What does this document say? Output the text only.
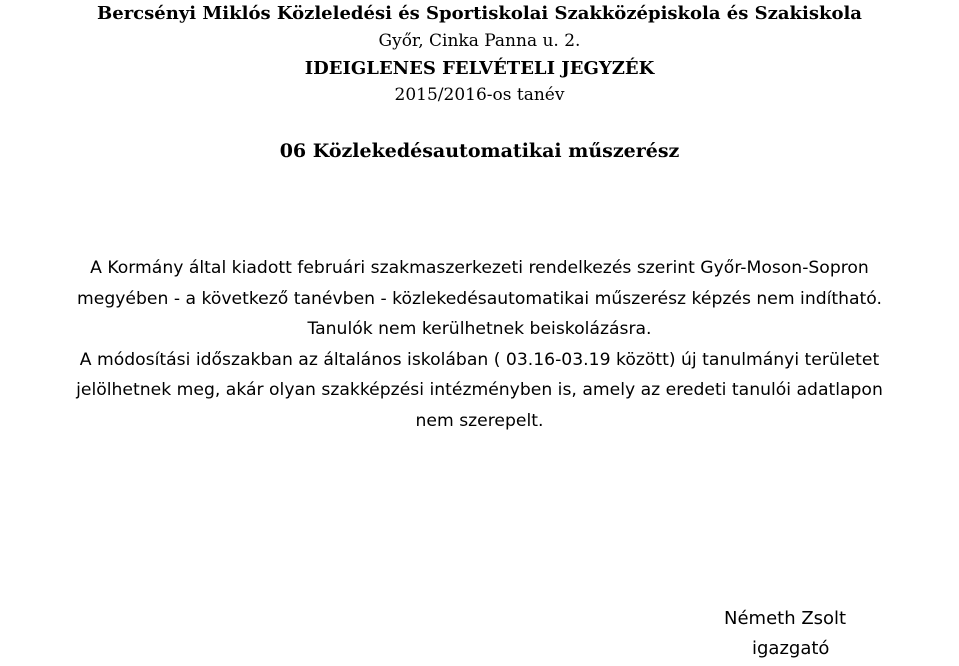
Bercsényi Miklós Közleledési és Sportiskolai Szakközépiskola és Szakiskola
Győr, Cinka Panna u. 2.
IDEIGLENES FELVÉTELI JEGYZÉK
2015/2016-os tanév
06 Közlekedésautomatikai műszerész
A Kormány által kiadott februári szakmaszerkezeti rendelkezés szerint Győr-Moson-Sopron
megyében - a következő tanévben - közlekedésautomatikai műszerész képzés nem indítható.
Tanulók nem kerülhetnek beiskolázásra.
A módosítási időszakban az általános iskolában ( 03.16-03.19 között) új tanulmányi területet
jelölhetnek meg, akár olyan szakképzési intézményben is, amely az eredeti tanulói adatlapon
nem szerepelt.
Németh Zsolt
igazgató
